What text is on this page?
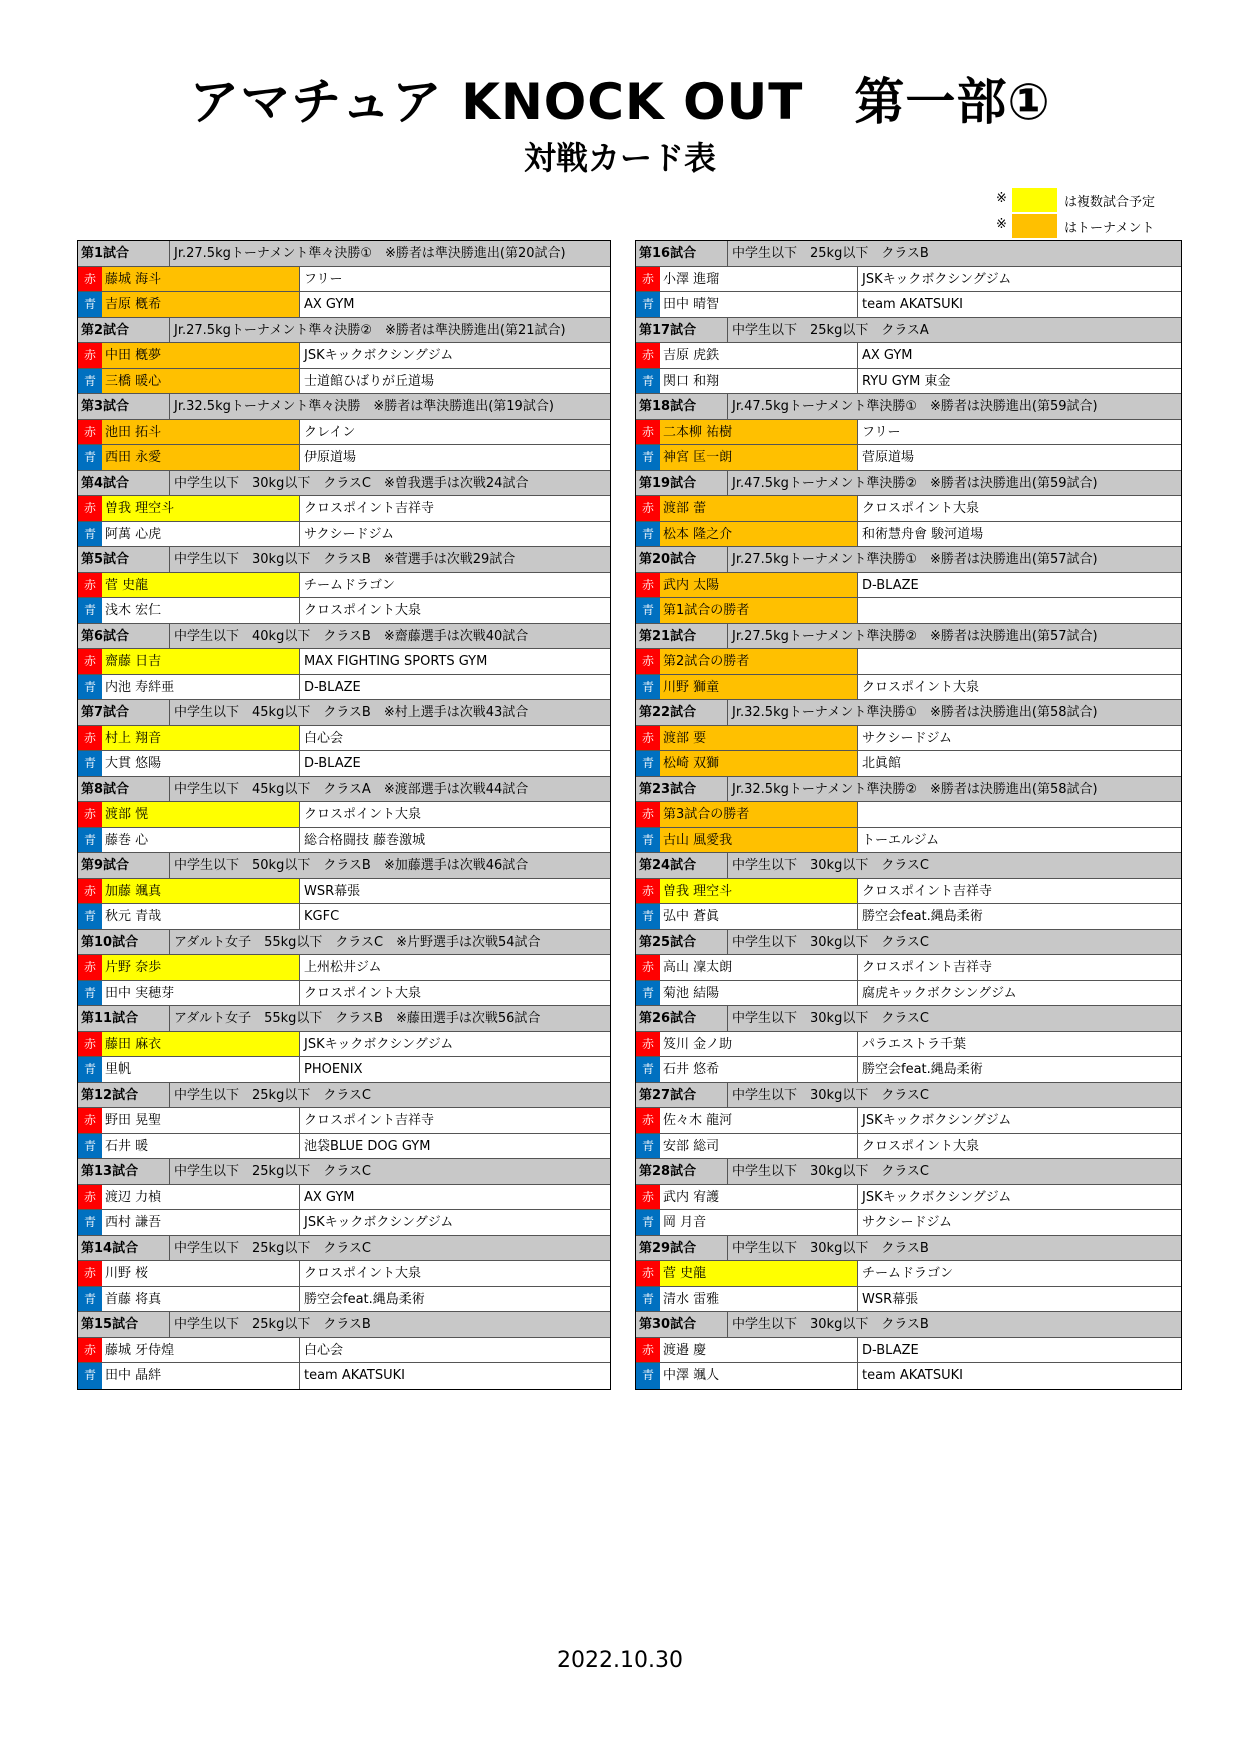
アマチュア KNOCK OUT　第一部①
対戦カード表
※	は複数試合予定
※	はトーナメント
第1試合	Jr.27.5kgトーナメント準々決勝①　※勝者は準決勝進出(第20試合)
赤 藤城 海斗	フリー
青 吉原 槪希	AX GYM
第2試合	Jr.27.5kgトーナメント準々決勝②　※勝者は準決勝進出(第21試合)
赤 中田 槪夢	JSKキックボクシングジム
青 三橋 暖心	士道館ひばりが丘道場
第3試合	Jr.32.5kgトーナメント準々決勝　※勝者は準決勝進出(第19試合)
赤 池田 拓斗	クレイン
青 西田 永愛	伊原道場
第4試合	中学生以下　30kg以下　クラスC　※曽我選手は次戦24試合
赤 曽我 理空斗	クロスポイント吉祥寺
青 阿萬 心虎	サクシードジム
第5試合	中学生以下　30kg以下　クラスB　※菅選手は次戦29試合
赤 菅 史龍	チームドラゴン
青 浅木 宏仁	クロスポイント大泉
第6試合	中学生以下　40kg以下　クラスB　※齋藤選手は次戦40試合
赤 齋藤 日吉	MAX FIGHTING SPORTS GYM
青 内池 寿絆亜	D-BLAZE
第7試合	中学生以下　45kg以下　クラスB　※村上選手は次戦43試合
赤 村上 翔音	白心会
青 大貫 悠陽	D-BLAZE
第8試合	中学生以下　45kg以下　クラスA　※渡部選手は次戦44試合
赤 渡部 愰	クロスポイント大泉
青 藤巻 心	総合格闘技 藤巻激城
第9試合	中学生以下　50kg以下　クラスB　※加藤選手は次戦46試合
赤 加藤 颯真	WSR幕張
青 秋元 青哉	KGFC
第10試合	アダルト女子　55kg以下　クラスC　※片野選手は次戦54試合
赤 片野 奈歩	上州松井ジム
青 田中 実穂芽	クロスポイント大泉
第11試合	アダルト女子　55kg以下　クラスB　※藤田選手は次戦56試合
赤 藤田 麻衣	JSKキックボクシングジム
青 里帆	PHOENIX
第12試合	中学生以下　25kg以下　クラスC
赤 野田 晃聖	クロスポイント吉祥寺
青 石井 暖	池袋BLUE DOG GYM
第13試合	中学生以下　25kg以下　クラスC
赤 渡辺 力楨	AX GYM
青 西村 謙吾	JSKキックボクシングジム
第14試合	中学生以下　25kg以下　クラスC
赤 川野 桜	クロスポイント大泉
青 首藤 将真	勝空会feat.縄島柔術
第15試合	中学生以下　25kg以下　クラスB
赤 藤城 牙侍煌	白心会
青 田中 晶絆	team AKATSUKI
第16試合	中学生以下　25kg以下　クラスB
赤 小澤 進瑠	JSKキックボクシングジム
青 田中 晴智	team AKATSUKI
第17試合	中学生以下　25kg以下　クラスA
赤 吉原 虎鉄	AX GYM
青 関口 和翔	RYU GYM 東金
第18試合	Jr.47.5kgトーナメント準決勝①　※勝者は決勝進出(第59試合)
赤 二本柳 祐樹	フリー
青 神宮 匡一朗	菅原道場
第19試合	Jr.47.5kgトーナメント準決勝②　※勝者は決勝進出(第59試合)
赤 渡部 蕾	クロスポイント大泉
青 松本 隆之介	和術慧舟會 駿河道場
第20試合	Jr.27.5kgトーナメント準決勝①　※勝者は決勝進出(第57試合)
赤 武内 太陽	D-BLAZE
青 第1試合の勝者
第21試合	Jr.27.5kgトーナメント準決勝②　※勝者は決勝進出(第57試合)
赤 第2試合の勝者
青 川野 獅童	クロスポイント大泉
第22試合	Jr.32.5kgトーナメント準決勝①　※勝者は決勝進出(第58試合)
赤 渡部 要	サクシードジム
青 松崎 双獅	北眞館
第23試合	Jr.32.5kgトーナメント準決勝②　※勝者は決勝進出(第58試合)
赤 第3試合の勝者
青 古山 風愛我	トーエルジム
第24試合	中学生以下　30kg以下　クラスC
赤 曽我 理空斗	クロスポイント吉祥寺
青 弘中 蒼眞	勝空会feat.縄島柔術
第25試合	中学生以下　30kg以下　クラスC
赤 高山 凜太朗	クロスポイント吉祥寺
青 菊池 結陽	腐虎キックボクシングジム
第26試合	中学生以下　30kg以下　クラスC
赤 笈川 金ノ助	パラエストラ千葉
青 石井 悠希	勝空会feat.縄島柔術
第27試合	中学生以下　30kg以下　クラスC
赤 佐々木 龍河	JSKキックボクシングジム
青 安部 総司	クロスポイント大泉
第28試合	中学生以下　30kg以下　クラスC
赤 武内 宥護	JSKキックボクシングジム
青 岡 月音	サクシードジム
第29試合	中学生以下　30kg以下　クラスB
赤 菅 史龍	チームドラゴン
青 清水 雷雅	WSR幕張
第30試合	中学生以下　30kg以下　クラスB
赤 渡邉 慶	D-BLAZE
青 中澤 颯人	team AKATSUKI
2022.10.30
